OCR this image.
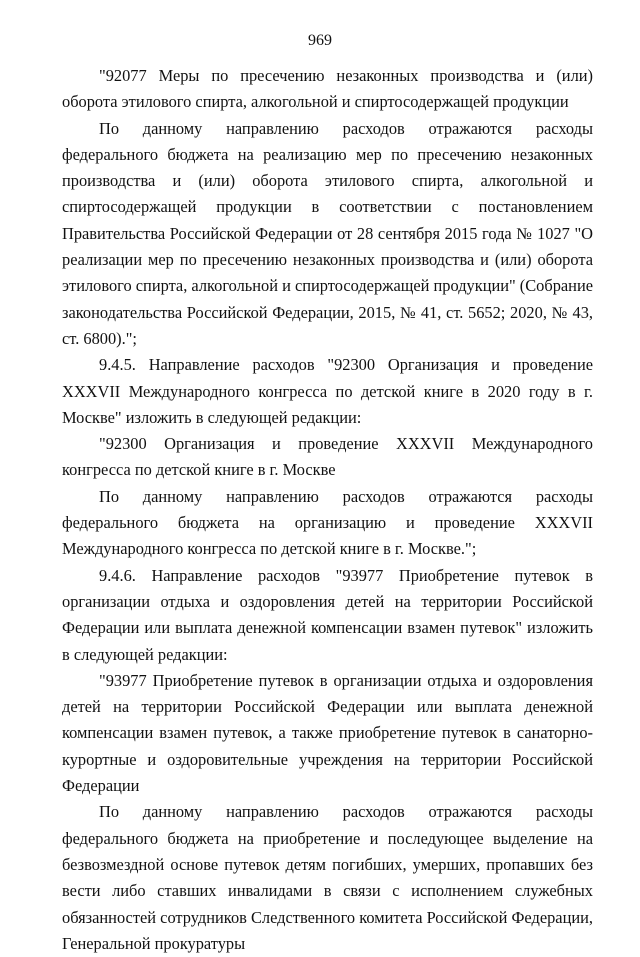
969

"92077 Меры по пресечению незаконных производства и (или) оборота этилового спирта, алкогольной и спиртосодержащей продукции

По данному направлению расходов отражаются расходы федерального бюджета на реализацию мер по пресечению незаконных производства и (или) оборота этилового спирта, алкогольной и спиртосодержащей продукции в соответствии с постановлением Правительства Российской Федерации от 28 сентября 2015 года № 1027 "О реализации мер по пресечению незаконных производства и (или) оборота этилового спирта, алкогольной и спиртосодержащей продукции" (Собрание законодательства Российской Федерации, 2015, № 41, ст. 5652; 2020, № 43, ст. 6800).";

9.4.5. Направление расходов "92300 Организация и проведение XXXVII Международного конгресса по детской книге в 2020 году в г. Москве" изложить в следующей редакции:

"92300 Организация и проведение XXXVII Международного конгресса по детской книге в г. Москве

По данному направлению расходов отражаются расходы федерального бюджета на организацию и проведение XXXVII Международного конгресса по детской книге в г. Москве.";

9.4.6. Направление расходов "93977 Приобретение путевок в организации отдыха и оздоровления детей на территории Российской Федерации или выплата денежной компенсации взамен путевок" изложить в следующей редакции:

"93977 Приобретение путевок в организации отдыха и оздоровления детей на территории Российской Федерации или выплата денежной компенсации взамен путевок, а также приобретение путевок в санаторно-курортные и оздоровительные учреждения на территории Российской Федерации

По данному направлению расходов отражаются расходы федерального бюджета на приобретение и последующее выделение на безвозмездной основе путевок детям погибших, умерших, пропавших без вести либо ставших инвалидами в связи с исполнением служебных обязанностей сотрудников Следственного комитета Российской Федерации, Генеральной прокуратуры
